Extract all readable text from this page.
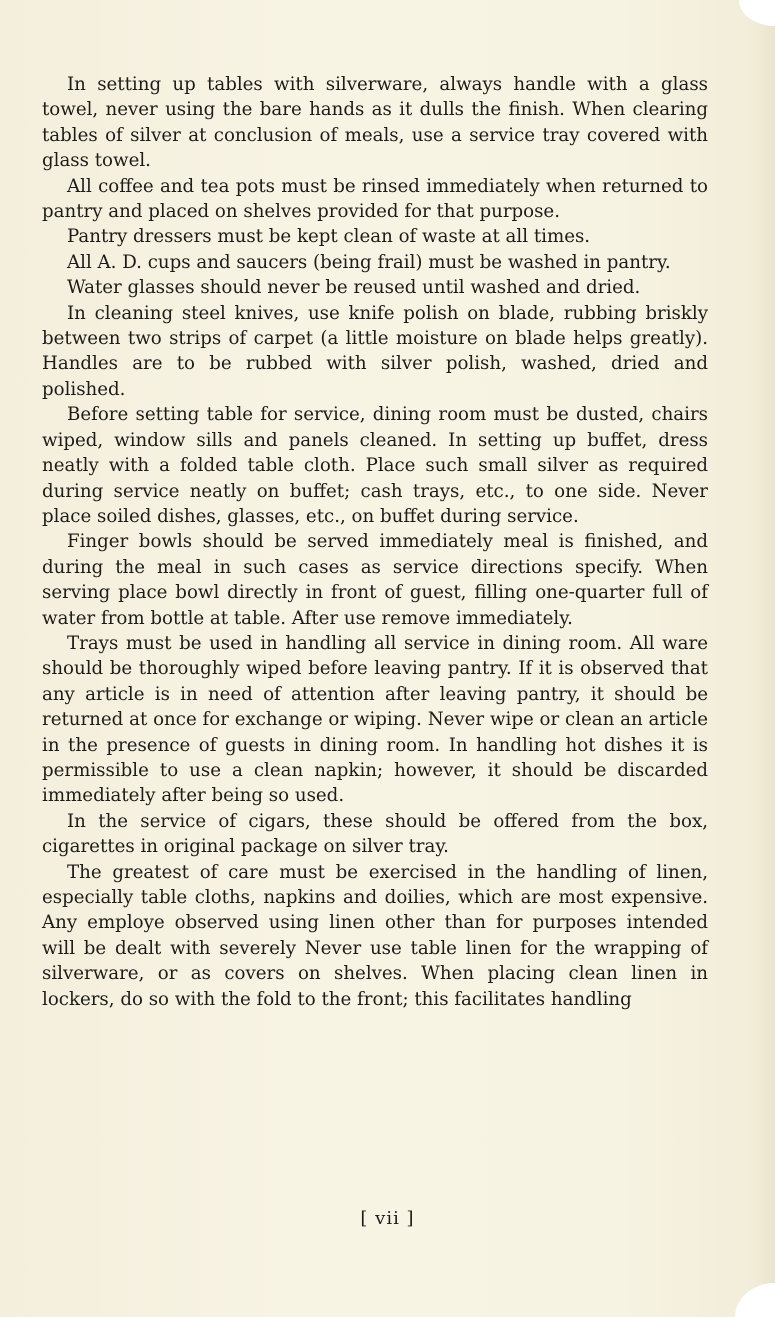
In setting up tables with silverware, always handle with a glass towel, never using the bare hands as it dulls the finish. When clearing tables of silver at conclusion of meals, use a service tray covered with glass towel.

All coffee and tea pots must be rinsed immediately when returned to pantry and placed on shelves provided for that purpose.

Pantry dressers must be kept clean of waste at all times.

All A. D. cups and saucers (being frail) must be washed in pantry.

Water glasses should never be reused until washed and dried.

In cleaning steel knives, use knife polish on blade, rubbing briskly between two strips of carpet (a little moisture on blade helps greatly). Handles are to be rubbed with silver polish, washed, dried and polished.

Before setting table for service, dining room must be dusted, chairs wiped, window sills and panels cleaned. In setting up buffet, dress neatly with a folded table cloth. Place such small silver as required during service neatly on buffet; cash trays, etc., to one side. Never place soiled dishes, glasses, etc., on buffet during service.

Finger bowls should be served immediately meal is finished, and during the meal in such cases as service directions specify. When serving place bowl directly in front of guest, filling one-quarter full of water from bottle at table. After use remove immediately.

Trays must be used in handling all service in dining room. All ware should be thoroughly wiped before leaving pantry. If it is observed that any article is in need of attention after leaving pantry, it should be returned at once for exchange or wiping. Never wipe or clean an article in the presence of guests in dining room. In handling hot dishes it is permissible to use a clean napkin; however, it should be discarded immediately after being so used.

In the service of cigars, these should be offered from the box, cigarettes in original package on silver tray.

The greatest of care must be exercised in the handling of linen, especially table cloths, napkins and doilies, which are most expensive. Any employe observed using linen other than for purposes intended will be dealt with severely Never use table linen for the wrapping of silverware, or as covers on shelves. When placing clean linen in lockers, do so with the fold to the front; this facilitates handling

[ vii ]
